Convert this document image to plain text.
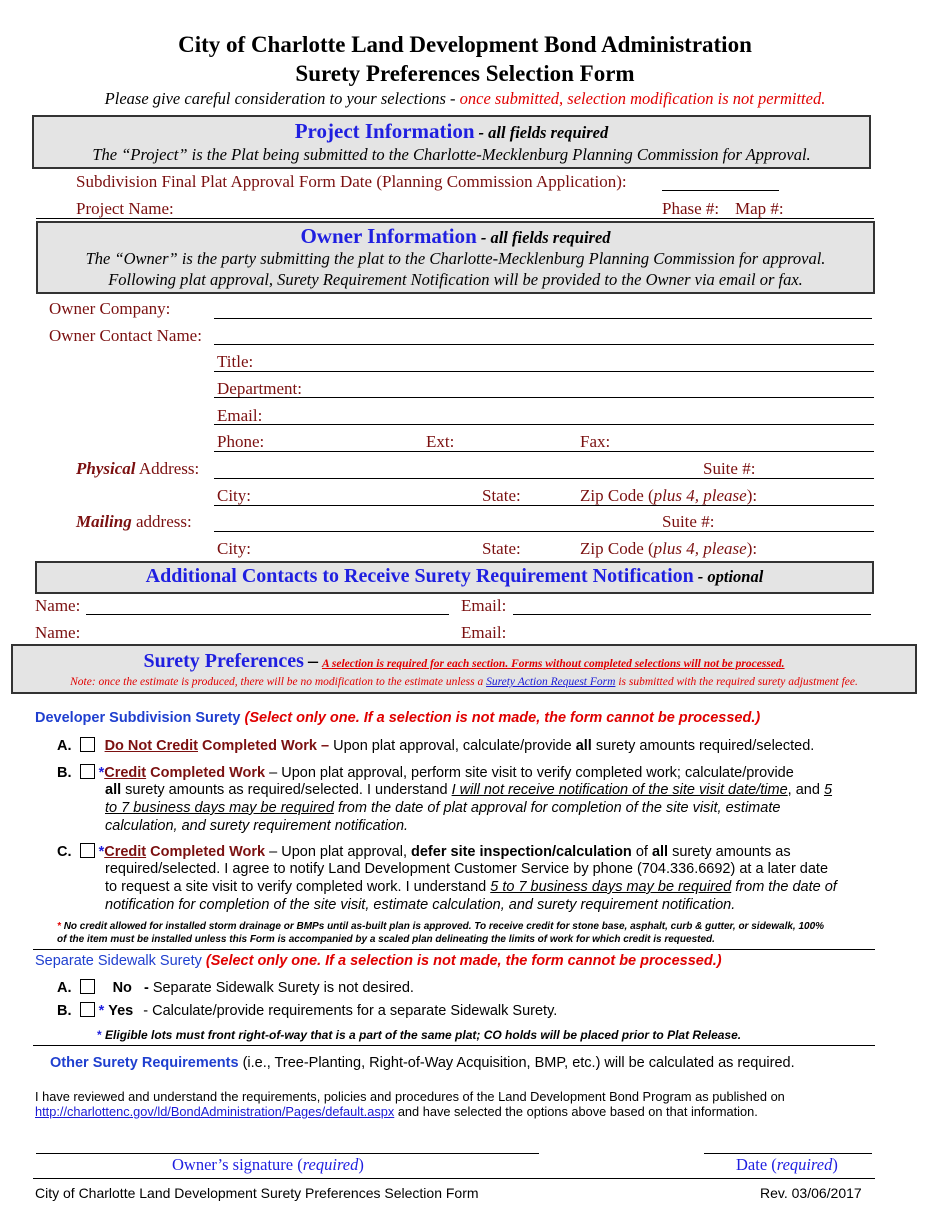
City of Charlotte Land Development Bond Administration
Surety Preferences Selection Form
Please give careful consideration to your selections - once submitted, selection modification is not permitted.
Project Information - all fields required
The “Project” is the Plat being submitted to the Charlotte-Mecklenburg Planning Commission for Approval.
Subdivision Final Plat Approval Form Date (Planning Commission Application):
Project Name:	Phase #: Map #:
Owner Information - all fields required
The “Owner” is the party submitting the plat to the Charlotte-Mecklenburg Planning Commission for approval.
Following plat approval, Surety Requirement Notification will be provided to the Owner via email or fax.
Owner Company:
Owner Contact Name:
Title:
Department:
Email:
Phone:	Ext:	Fax:
Physical Address:	Suite #:
City:	State:	Zip Code (plus 4, please):
Mailing address:	Suite #:
City:	State:	Zip Code (plus 4, please):
Additional Contacts to Receive Surety Requirement Notification - optional
Name:	Email:
Name:	Email:
Surety Preferences – A selection is required for each section. Forms without completed selections will not be processed.
Note: once the estimate is produced, there will be no modification to the estimate unless a Surety Action Request Form is submitted with the required surety adjustment fee.
Developer Subdivision Surety (Select only one. If a selection is not made, the form cannot be processed.)
A. Do Not Credit Completed Work – Upon plat approval, calculate/provide all surety amounts required/selected.
B. *Credit Completed Work – Upon plat approval, perform site visit to verify completed work; calculate/provide
all surety amounts as required/selected. I understand I will not receive notification of the site visit date/time, and 5
to 7 business days may be required from the date of plat approval for completion of the site visit, estimate
calculation, and surety requirement notification.
C. *Credit Completed Work – Upon plat approval, defer site inspection/calculation of all surety amounts as
required/selected. I agree to notify Land Development Customer Service by phone (704.336.6692) at a later date
to request a site visit to verify completed work. I understand 5 to 7 business days may be required from the date of
notification for completion of the site visit, estimate calculation, and surety requirement notification.
* No credit allowed for installed storm drainage or BMPs until as-built plan is approved. To receive credit for stone base, asphalt, curb & gutter, or sidewalk, 100%
of the item must be installed unless this Form is accompanied by a scaled plan delineating the limits of work for which credit is requested.
Separate Sidewalk Surety (Select only one. If a selection is not made, the form cannot be processed.)
A.	No - Separate Sidewalk Surety is not desired.
B. * Yes - Calculate/provide requirements for a separate Sidewalk Surety.
* Eligible lots must front right-of-way that is a part of the same plat; CO holds will be placed prior to Plat Release.
Other Surety Requirements (i.e., Tree-Planting, Right-of-Way Acquisition, BMP, etc.) will be calculated as required.
I have reviewed and understand the requirements, policies and procedures of the Land Development Bond Program as published on
http://charlottenc.gov/ld/BondAdministration/Pages/default.aspx and have selected the options above based on that information.
Owner’s signature (required)	Date (required)
City of Charlotte Land Development Surety Preferences Selection Form	Rev. 03/06/2017
